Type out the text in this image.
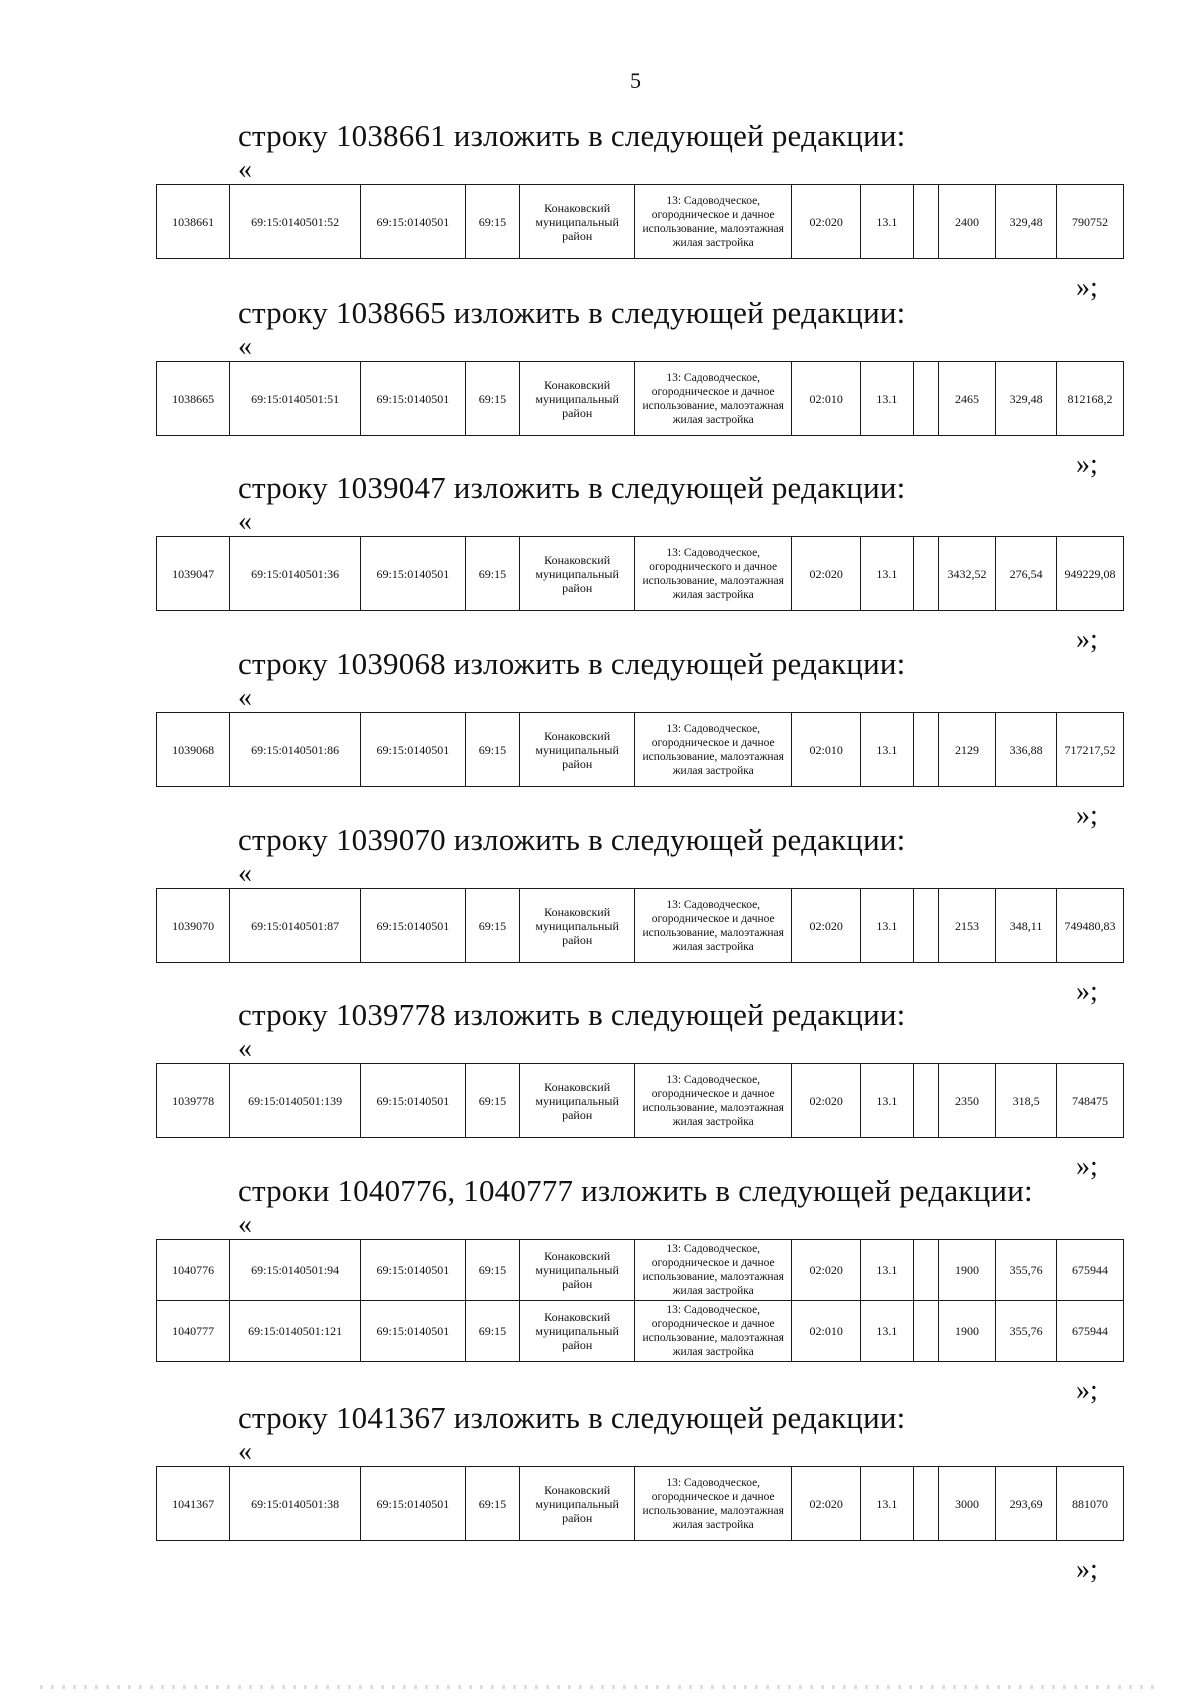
5
строку 1038661 изложить в следующей редакции:
«
1038661	69:15:0140501:52	69:15:0140501	69:15	Конаковский муниципальный район	13: Садоводческое, огородническое и дачное использование, малоэтажная жилая застройка	02:020	13.1		2400	329,48	790752
»;
строку 1038665 изложить в следующей редакции:
«
1038665	69:15:0140501:51	69:15:0140501	69:15	Конаковский муниципальный район	13: Садоводческое, огородническое и дачное использование, малоэтажная жилая застройка	02:010	13.1		2465	329,48	812168,2
»;
строку 1039047 изложить в следующей редакции:
«
1039047	69:15:0140501:36	69:15:0140501	69:15	Конаковский муниципальный район	13: Садоводческое, огороднического и дачное использование, малоэтажная жилая застройка	02:020	13.1		3432,52	276,54	949229,08
»;
строку 1039068 изложить в следующей редакции:
«
1039068	69:15:0140501:86	69:15:0140501	69:15	Конаковский муниципальный район	13: Садоводческое, огородническое и дачное использование, малоэтажная жилая застройка	02:010	13.1		2129	336,88	717217,52
»;
строку 1039070 изложить в следующей редакции:
«
1039070	69:15:0140501:87	69:15:0140501	69:15	Конаковский муниципальный район	13: Садоводческое, огородническое и дачное использование, малоэтажная жилая застройка	02:020	13.1		2153	348,11	749480,83
»;
строку 1039778 изложить в следующей редакции:
«
1039778	69:15:0140501:139	69:15:0140501	69:15	Конаковский муниципальный район	13: Садоводческое, огородническое и дачное использование, малоэтажная жилая застройка	02:020	13.1		2350	318,5	748475
»;
строки 1040776, 1040777 изложить в следующей редакции:
«
1040776	69:15:0140501:94	69:15:0140501	69:15	Конаковский муниципальный район	13: Садоводческое, огородническое и дачное использование, малоэтажная жилая застройка	02:020	13.1		1900	355,76	675944
1040777	69:15:0140501:121	69:15:0140501	69:15	Конаковский муниципальный район	13: Садоводческое, огородническое и дачное использование, малоэтажная жилая застройка	02:010	13.1		1900	355,76	675944
»;
строку 1041367 изложить в следующей редакции:
«
1041367	69:15:0140501:38	69:15:0140501	69:15	Конаковский муниципальный район	13: Садоводческое, огородническое и дачное использование, малоэтажная жилая застройка	02:020	13.1		3000	293,69	881070
»;
